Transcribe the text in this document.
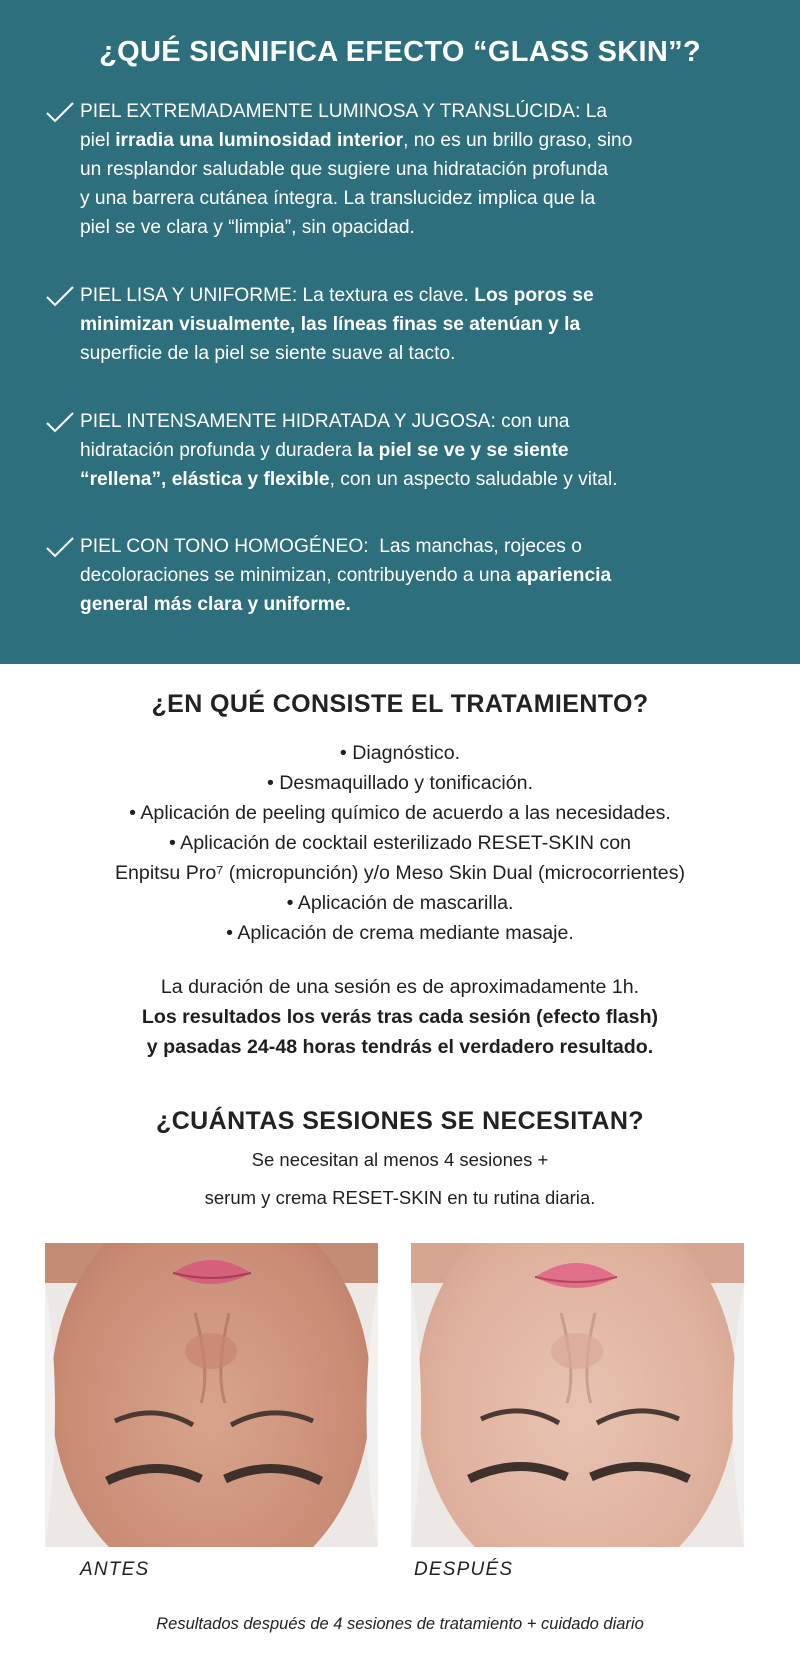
¿QUÉ SIGNIFICA EFECTO “GLASS SKIN”?

PIEL EXTREMADAMENTE LUMINOSA Y TRANSLÚCIDA: La
piel irradia una luminosidad interior, no es un brillo graso, sino
un resplandor saludable que sugiere una hidratación profunda
y una barrera cutánea íntegra. La translucidez implica que la
piel se ve clara y “limpia”, sin opacidad.

PIEL LISA Y UNIFORME: La textura es clave. Los poros se
minimizan visualmente, las líneas finas se atenúan y la
superficie de la piel se siente suave al tacto.

PIEL INTENSAMENTE HIDRATADA Y JUGOSA: con una
hidratación profunda y duradera la piel se ve y se siente
“rellena”, elástica y flexible, con un aspecto saludable y vital.

PIEL CON TONO HOMOGÉNEO:  Las manchas, rojeces o
decoloraciones se minimizan, contribuyendo a una apariencia
general más clara y uniforme.

¿EN QUÉ CONSISTE EL TRATAMIENTO?
• Diagnóstico.
• Desmaquillado y tonificación.
• Aplicación de peeling químico de acuerdo a las necesidades.
• Aplicación de cocktail esterilizado RESET-SKIN con
Enpitsu Pro⁷ (micropunción) y/o Meso Skin Dual (microcorrientes)
• Aplicación de mascarilla.
• Aplicación de crema mediante masaje.
La duración de una sesión es de aproximadamente 1h.
Los resultados los verás tras cada sesión (efecto flash)
y pasadas 24-48 horas tendrás el verdadero resultado.
¿CUÁNTAS SESIONES SE NECESITAN?
Se necesitan al menos 4 sesiones +
serum y crema RESET-SKIN en tu rutina diaria.
ANTES	DESPUÉS
Resultados después de 4 sesiones de tratamiento + cuidado diario
